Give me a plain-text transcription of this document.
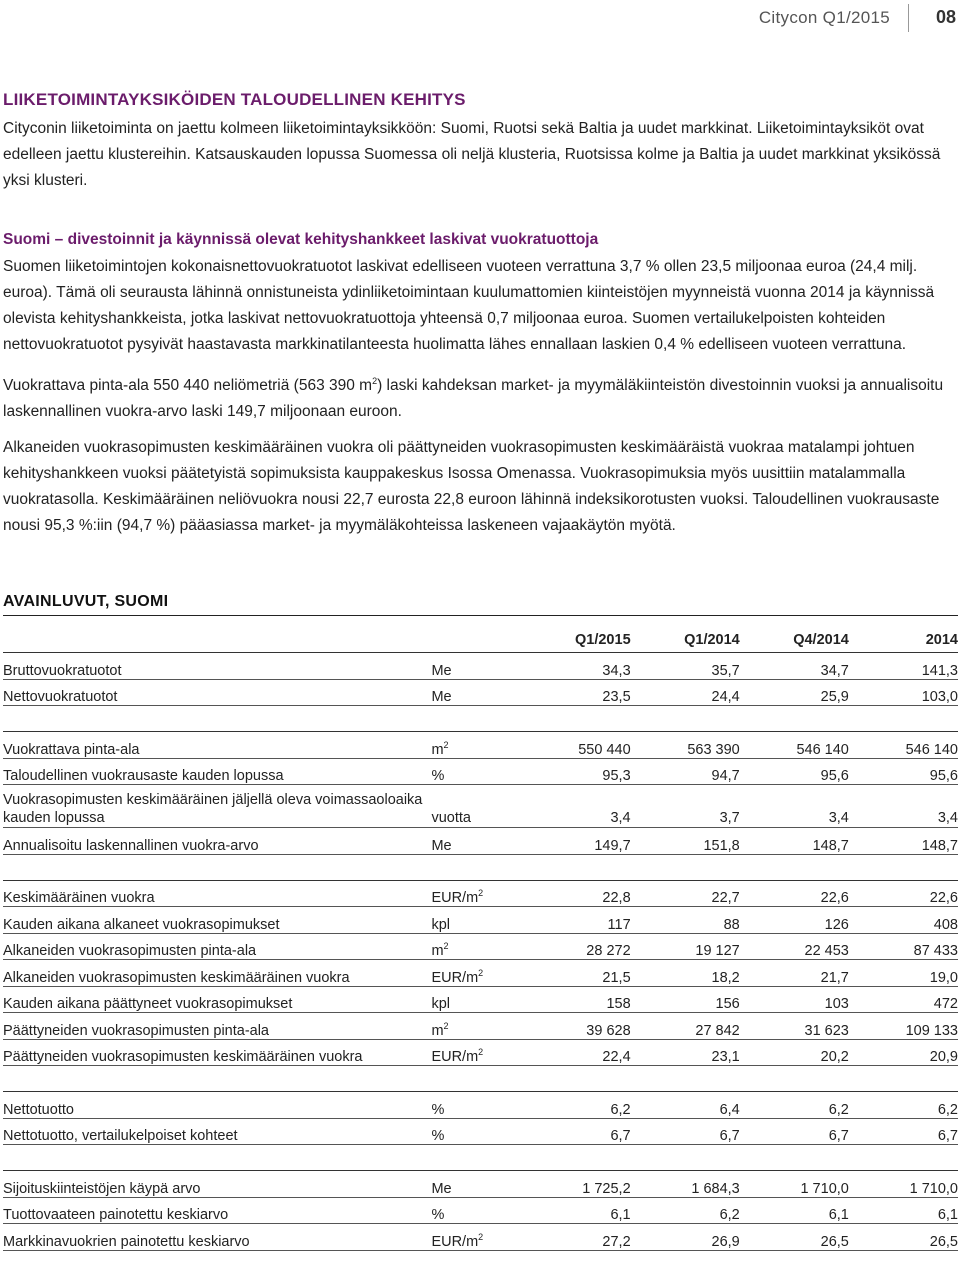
Citycon Q1/2015	08
LIIKETOIMINTAYKSIKÖIDEN TALOUDELLINEN KEHITYS

Cityconin liiketoiminta on jaettu kolmeen liiketoimintayksikköön: Suomi, Ruotsi sekä Baltia ja uudet markkinat. Liiketoimintayksiköt ovat edelleen jaettu klustereihin. Katsauskauden lopussa Suomessa oli neljä klusteria, Ruotsissa kolme ja Baltia ja uudet markkinat yksikössä yksi klusteri.

Suomi – divestoinnit ja käynnissä olevat kehityshankkeet laskivat vuokratuottoja

Suomen liiketoimintojen kokonaisnettovuokratuotot laskivat edelliseen vuoteen verrattuna 3,7 % ollen 23,5 miljoonaa euroa (24,4 milj. euroa). Tämä oli seurausta lähinnä onnistuneista ydinliiketoimintaan kuulumattomien kiinteistöjen myynneistä vuonna 2014 ja käynnissä olevista kehityshankkeista, jotka laskivat nettovuokratuottoja yhteensä 0,7 miljoonaa euroa. Suomen vertailukelpoisten kohteiden nettovuokratuotot pysyivät haastavasta markkinatilanteesta huolimatta lähes ennallaan laskien 0,4 % edelliseen vuoteen verrattuna.

Vuokrattava pinta-ala 550 440 neliömetriä (563 390 $m^2$) laski kahdeksan market- ja myymäläkiinteistön divestoinnin vuoksi ja annualisoitu laskennallinen vuokra-arvo laski 149,7 miljoonaan euroon.

Alkaneiden vuokrasopimusten keskimääräinen vuokra oli päättyneiden vuokrasopimusten keskimääräistä vuokraa matalampi johtuen kehityshankkeen vuoksi päätetyistä sopimuksista kauppakeskus Isossa Omenassa. Vuokrasopimuksia myös uusittiin matalammalla vuokratasolla. Keskimääräinen neliövuokra nousi 22,7 eurosta 22,8 euroon lähinnä indeksikorotusten vuoksi. Taloudellinen vuokrausaste nousi 95,3 %:iin (94,7 %) pääasiassa market- ja myymäläkohteissa laskeneen vajaakäytön myötä.

AVAINLUVUT, SUOMI
		Q1/2015	Q1/2014	Q4/2014	2014
Bruttovuokratuotot	Me	34,3	35,7	34,7	141,3
Nettovuokratuotot	Me	23,5	24,4	25,9	103,0

Vuokrattava pinta-ala	$m^2$	550 440	563 390	546 140	546 140
Taloudellinen vuokrausaste kauden lopussa	%	95,3	94,7	95,6	95,6
Vuokrasopimusten keskimääräinen jäljellä oleva voimassaoloaika kauden lopussa	vuotta	3,4	3,7	3,4	3,4
Annualisoitu laskennallinen vuokra-arvo	Me	149,7	151,8	148,7	148,7

Keskimääräinen vuokra	EUR/$m^2$	22,8	22,7	22,6	22,6
Kauden aikana alkaneet vuokrasopimukset	kpl	117	88	126	408
Alkaneiden vuokrasopimusten pinta-ala	$m^2$	28 272	19 127	22 453	87 433
Alkaneiden vuokrasopimusten keskimääräinen vuokra	EUR/$m^2$	21,5	18,2	21,7	19,0
Kauden aikana päättyneet vuokrasopimukset	kpl	158	156	103	472
Päättyneiden vuokrasopimusten pinta-ala	$m^2$	39 628	27 842	31 623	109 133
Päättyneiden vuokrasopimusten keskimääräinen vuokra	EUR/$m^2$	22,4	23,1	20,2	20,9

Nettotuotto	%	6,2	6,4	6,2	6,2
Nettotuotto, vertailukelpoiset kohteet	%	6,7	6,7	6,7	6,7

Sijoituskiinteistöjen käypä arvo	Me	1 725,2	1 684,3	1 710,0	1 710,0
Tuottovaateen painotettu keskiarvo	%	6,1	6,2	6,1	6,1
Markkinavuokrien painotettu keskiarvo	EUR/$m^2$	27,2	26,9	26,5	26,5
